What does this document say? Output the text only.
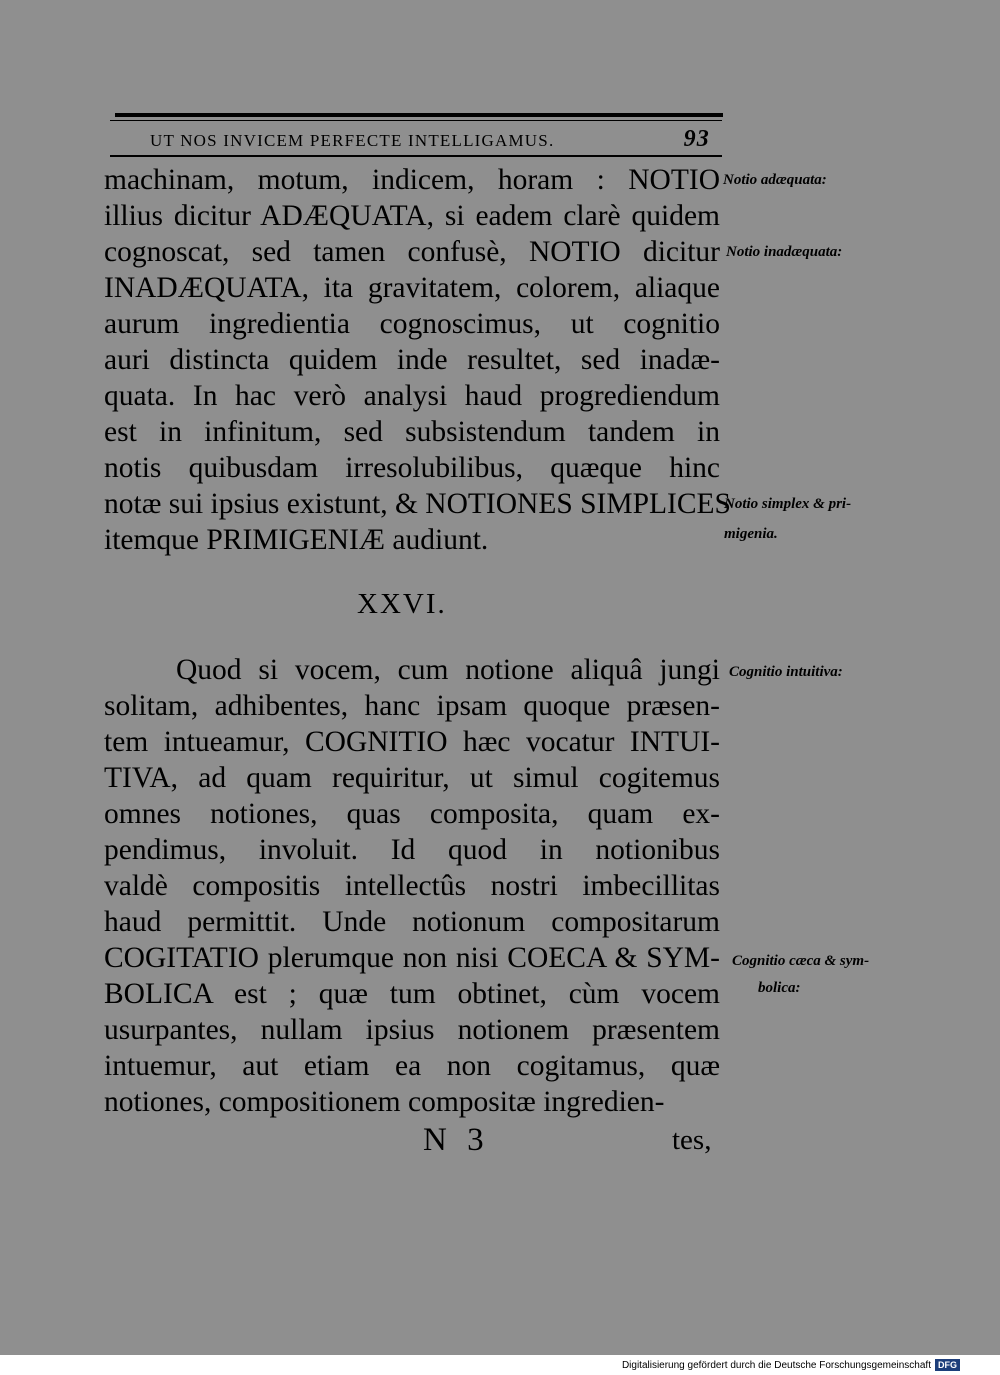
UT NOS INVICEM PERFECTE INTELLIGAMUS.	93
machinam, motum, indicem, horam : NOTIO
illius dicitur ADÆQUATA, si eadem clarè quidem
cognoscat, sed tamen confusè, NOTIO dicitur
INADÆQUATA, ita gravitatem, colorem, aliaque
aurum ingredientia cognoscimus, ut cognitio
auri distincta quidem inde resultet, sed inadæ-
quata. In hac verò analysi haud progrediendum
est in infinitum, sed subsistendum tandem in
notis quibusdam irresolubilibus, quæque hinc
notæ sui ipsius existunt, & NOTIONES SIMPLICES
itemque PRIMIGENIÆ audiunt.
XXVI.
Quod si vocem, cum notione aliquâ jungi
solitam, adhibentes, hanc ipsam quoque præsen-
tem intueamur, COGNITIO hæc vocatur INTUI-
TIVA, ad quam requiritur, ut simul cogitemus
omnes notiones, quas composita, quam ex-
pendimus, involuit. Id quod in notionibus
valdè compositis intellectûs nostri imbecillitas
haud permittit. Unde notionum compositarum
COGITATIO plerumque non nisi COECA & SYM-
BOLICA est ; quæ tum obtinet, cùm vocem
usurpantes, nullam ipsius notionem præsentem
intuemur, aut etiam ea non cogitamus, quæ
notiones, compositionem compositæ ingredien-
Notio adæquata:
Notio inadæquata:
Notio simplex & pri-
migenia.
Cognitio intuitiva:
Cognitio cæca & sym-
bolica:
N 3	tes,
Digitalisierung gefördert durch die Deutsche Forschungsgemeinschaft DFG
